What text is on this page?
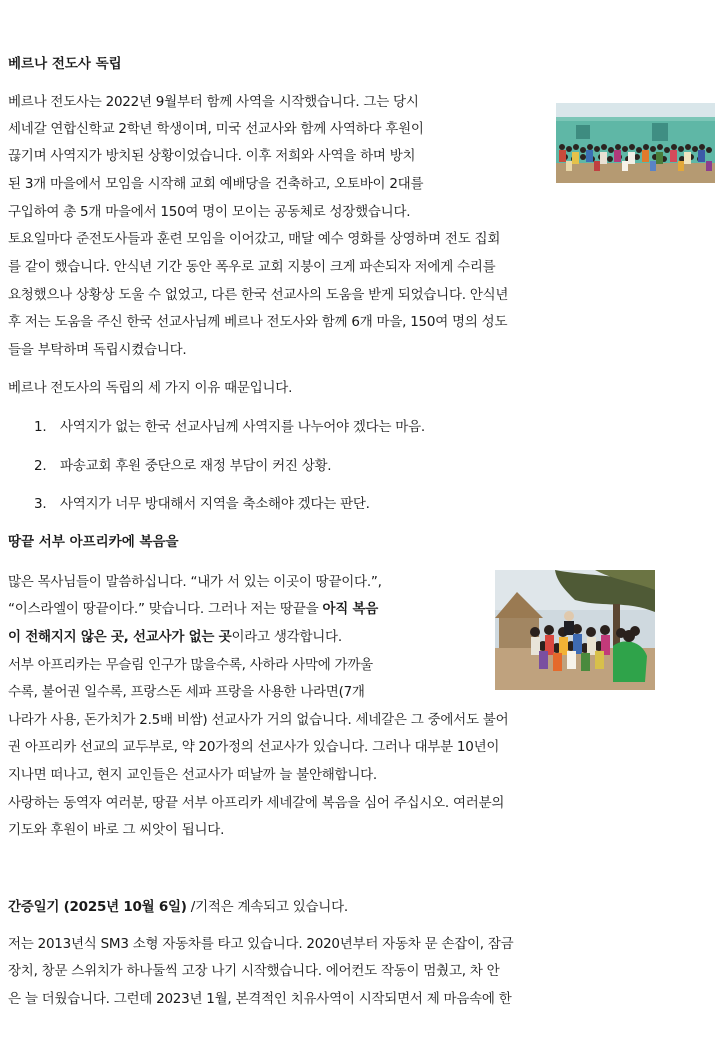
베르나 전도사 독립
베르나 전도사는 2022년 9월부터 함께 사역을 시작했습니다. 그는 당시
세네갈 연합신학교 2학년 학생이며, 미국 선교사와 함께 사역하다 후원이
끊기며 사역지가 방치된 상황이었습니다. 이후 저희와 사역을 하며 방치
된 3개 마을에서 모임을 시작해 교회 예배당을 건축하고, 오토바이 2대를
구입하여 총 5개 마을에서 150여 명이 모이는 공동체로 성장했습니다.
토요일마다 준전도사들과 훈련 모임을 이어갔고, 매달 예수 영화를 상영하며 전도 집회
를 같이 했습니다. 안식년 기간 동안 폭우로 교회 지붕이 크게 파손되자 저에게 수리를
요청했으나 상황상 도울 수 없었고, 다른 한국 선교사의 도움을 받게 되었습니다. 안식년
후 저는 도움을 주신 한국 선교사님께 베르나 전도사와 함께 6개 마을, 150여 명의 성도
들을 부탁하며 독립시켰습니다.
베르나 전도사의 독립의 세 가지 이유 때문입니다.
1. 사역지가 없는 한국 선교사님께 사역지를 나누어야 겠다는 마음.
2. 파송교회 후원 중단으로 재정 부담이 커진 상황.
3. 사역지가 너무 방대해서 지역을 축소해야 겠다는 판단.
땅끝 서부 아프리카에 복음을
많은 목사님들이 말씀하십니다. “내가 서 있는 이곳이 땅끝이다.”,
“이스라엘이 땅끝이다.” 맞습니다. 그러나 저는 땅끝을 아직 복음
이 전해지지 않은 곳, 선교사가 없는 곳이라고 생각합니다.
서부 아프리카는 무슬림 인구가 많을수록, 사하라 사막에 가까울
수록, 불어권 일수록, 프랑스돈 세파 프랑을 사용한 나라면(7개
나라가 사용, 돈가치가 2.5배 비쌈) 선교사가 거의 없습니다. 세네갈은 그 중에서도 불어
권 아프리카 선교의 교두부로, 약 20가정의 선교사가 있습니다. 그러나 대부분 10년이
지나면 떠나고, 현지 교인들은 선교사가 떠날까 늘 불안해합니다.
사랑하는 동역자 여러분, 땅끝 서부 아프리카 세네갈에 복음을 심어 주십시오. 여러분의
기도와 후원이 바로 그 씨앗이 됩니다.
간증일기 (2025년 10월 6일) /기적은 계속되고 있습니다.
저는 2013년식 SM3 소형 자동차를 타고 있습니다. 2020년부터 자동차 문 손잡이, 잠금
장치, 창문 스위치가 하나둘씩 고장 나기 시작했습니다. 에어컨도 작동이 멈췄고, 차 안
은 늘 더웠습니다. 그런데 2023년 1월, 본격적인 치유사역이 시작되면서 제 마음속에 한
